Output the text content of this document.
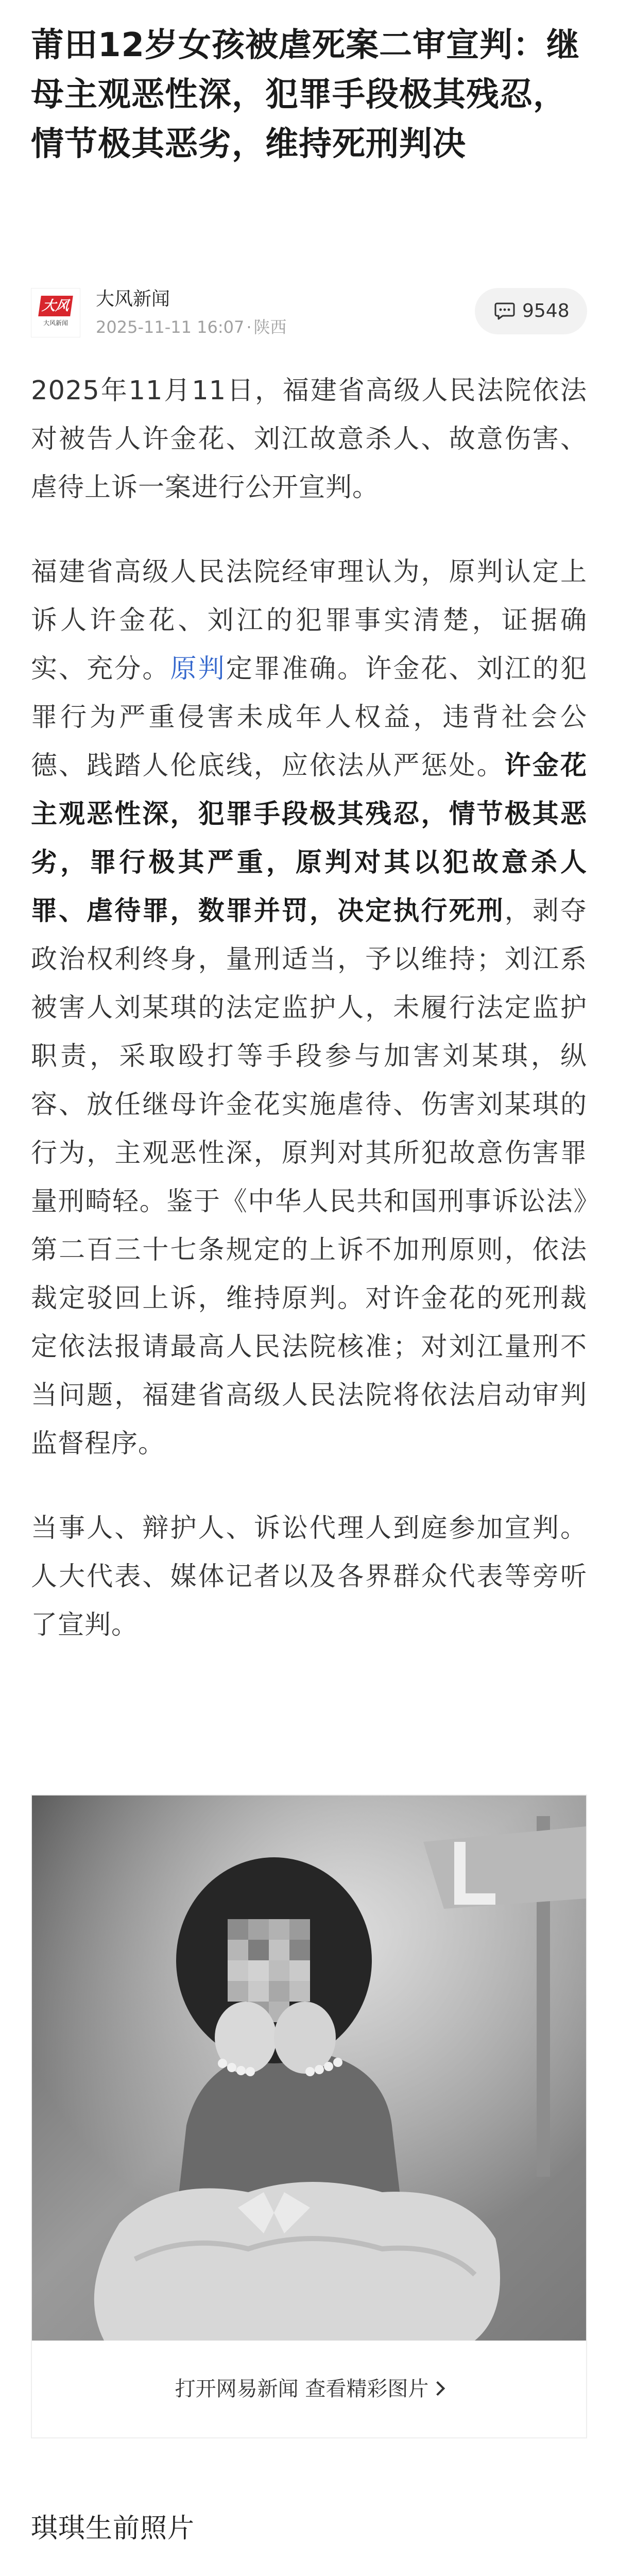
莆田12岁女孩被虐死案二审宣判：继母主观恶性深，犯罪手段极其残忍，情节极其恶劣，维持死刑判决
大风
大风新闻
大风新闻
2025-11-11 16:07 · 陕西
9548

2025年11月11日，福建省高级人民法院依法对被告人许金花、刘江故意杀人、故意伤害、虐待上诉一案进行公开宣判。

福建省高级人民法院经审理认为，原判认定上诉人许金花、刘江的犯罪事实清楚，证据确实、充分。原判定罪准确。许金花、刘江的犯罪行为严重侵害未成年人权益，违背社会公德、践踏人伦底线，应依法从严惩处。许金花主观恶性深，犯罪手段极其残忍，情节极其恶劣，罪行极其严重，原判对其以犯故意杀人罪、虐待罪，数罪并罚，决定执行死刑，剥夺政治权利终身，量刑适当，予以维持；刘江系被害人刘某琪的法定监护人，未履行法定监护职责，采取殴打等手段参与加害刘某琪，纵容、放任继母许金花实施虐待、伤害刘某琪的行为，主观恶性深，原判对其所犯故意伤害罪量刑畸轻。鉴于《中华人民共和国刑事诉讼法》第二百三十七条规定的上诉不加刑原则，依法裁定驳回上诉，维持原判。对许金花的死刑裁定依法报请最高人民法院核准；对刘江量刑不当问题，福建省高级人民法院将依法启动审判监督程序。

当事人、辩护人、诉讼代理人到庭参加宣判。人大代表、媒体记者以及各界群众代表等旁听了宣判。

打开网易新闻 查看精彩图片
琪琪生前照片
